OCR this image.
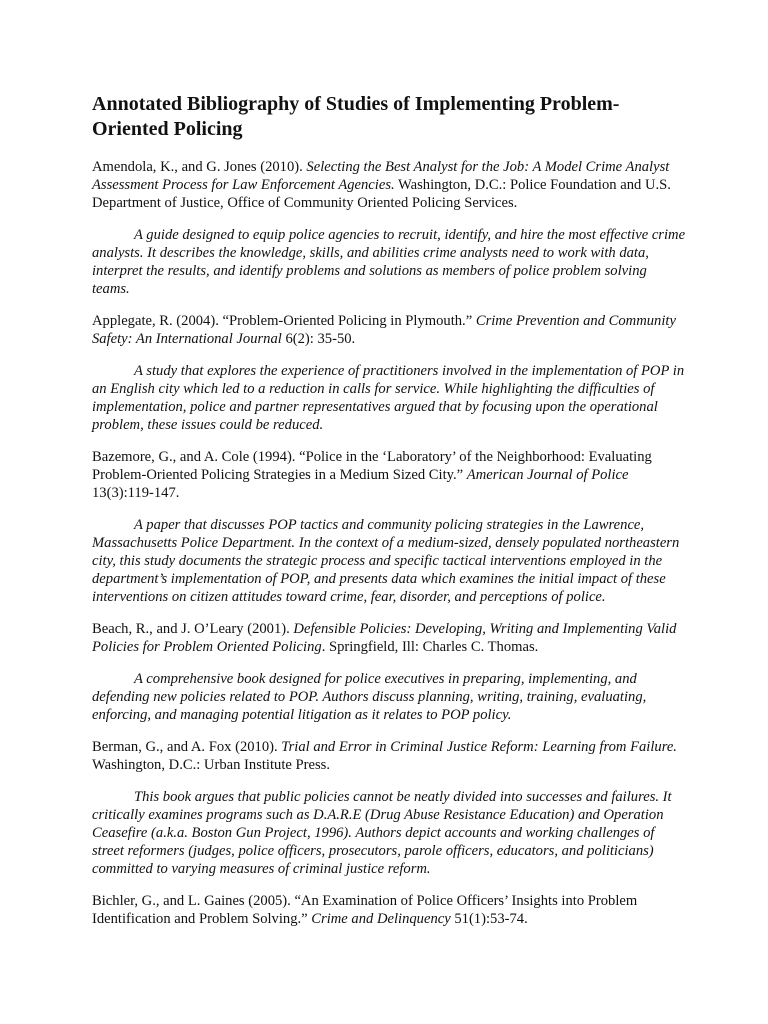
Annotated Bibliography of Studies of Implementing Problem-Oriented Policing

Amendola, K., and G. Jones (2010). Selecting the Best Analyst for the Job: A Model Crime Analyst Assessment Process for Law Enforcement Agencies. Washington, D.C.: Police Foundation and U.S. Department of Justice, Office of Community Oriented Policing Services.

A guide designed to equip police agencies to recruit, identify, and hire the most effective crime analysts. It describes the knowledge, skills, and abilities crime analysts need to work with data, interpret the results, and identify problems and solutions as members of police problem solving teams.

Applegate, R. (2004). “Problem-Oriented Policing in Plymouth.” Crime Prevention and Community Safety: An International Journal 6(2): 35-50.

A study that explores the experience of practitioners involved in the implementation of POP in an English city which led to a reduction in calls for service. While highlighting the difficulties of implementation, police and partner representatives argued that by focusing upon the operational problem, these issues could be reduced.

Bazemore, G., and A. Cole (1994). “Police in the ‘Laboratory’ of the Neighborhood: Evaluating Problem-Oriented Policing Strategies in a Medium Sized City.” American Journal of Police 13(3):119-147.

A paper that discusses POP tactics and community policing strategies in the Lawrence, Massachusetts Police Department. In the context of a medium-sized, densely populated northeastern city, this study documents the strategic process and specific tactical interventions employed in the department’s implementation of POP, and presents data which examines the initial impact of these interventions on citizen attitudes toward crime, fear, disorder, and perceptions of police.

Beach, R., and J. O’Leary (2001). Defensible Policies: Developing, Writing and Implementing Valid Policies for Problem Oriented Policing. Springfield, Ill: Charles C. Thomas.

A comprehensive book designed for police executives in preparing, implementing, and defending new policies related to POP. Authors discuss planning, writing, training, evaluating, enforcing, and managing potential litigation as it relates to POP policy.

Berman, G., and A. Fox (2010). Trial and Error in Criminal Justice Reform: Learning from Failure. Washington, D.C.: Urban Institute Press.

This book argues that public policies cannot be neatly divided into successes and failures. It critically examines programs such as D.A.R.E (Drug Abuse Resistance Education) and Operation Ceasefire (a.k.a. Boston Gun Project, 1996). Authors depict accounts and working challenges of street reformers (judges, police officers, prosecutors, parole officers, educators, and politicians) committed to varying measures of criminal justice reform.

Bichler, G., and L. Gaines (2005). “An Examination of Police Officers’ Insights into Problem Identification and Problem Solving.” Crime and Delinquency 51(1):53-74.
